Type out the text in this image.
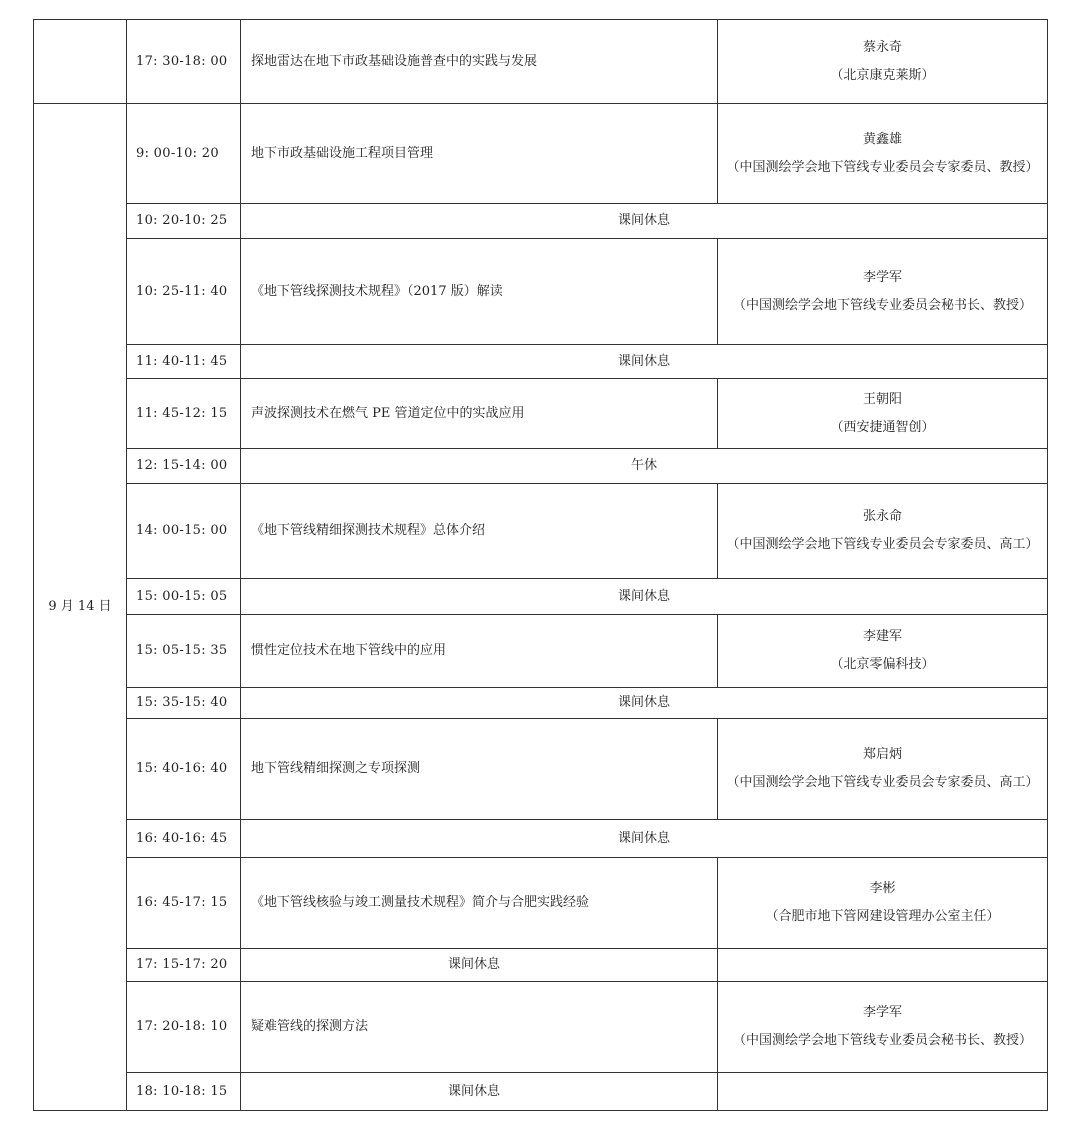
	17: 30-18: 00	探地雷达在地下市政基础设施普查中的实践与发展	蔡永奇
（北京康克莱斯）

9 月 14 日	9: 00-10: 20	地下市政基础设施工程项目管理	黄鑫雄
（中国测绘学会地下管线专业委员会专家委员、教授）

	10: 20-10: 25	课间休息	
	10: 25-11: 40	《地下管线探测技术规程》（2017 版）解读	李学军
（中国测绘学会地下管线专业委员会秘书长、教授）

	11: 40-11: 45	课间休息	
	11: 45-12: 15	声波探测技术在燃气 PE 管道定位中的实战应用	王朝阳
（西安捷通智创）

	12: 15-14: 00	午休	
	14: 00-15: 00	《地下管线精细探测技术规程》总体介绍	张永命
（中国测绘学会地下管线专业委员会专家委员、高工）

	15: 00-15: 05	课间休息	
	15: 05-15: 35	惯性定位技术在地下管线中的应用	李建军
（北京零偏科技）

	15: 35-15: 40	课间休息	
	15: 40-16: 40	地下管线精细探测之专项探测	郑启炳
（中国测绘学会地下管线专业委员会专家委员、高工）

	16: 40-16: 45	课间休息	
	16: 45-17: 15	《地下管线核验与竣工测量技术规程》简介与合肥实践经验	李彬
（合肥市地下管网建设管理办公室主任）

	17: 15-17: 20	课间休息	
	17: 20-18: 10	疑难管线的探测方法	李学军
（中国测绘学会地下管线专业委员会秘书长、教授）

	18: 10-18: 15	课间休息	
